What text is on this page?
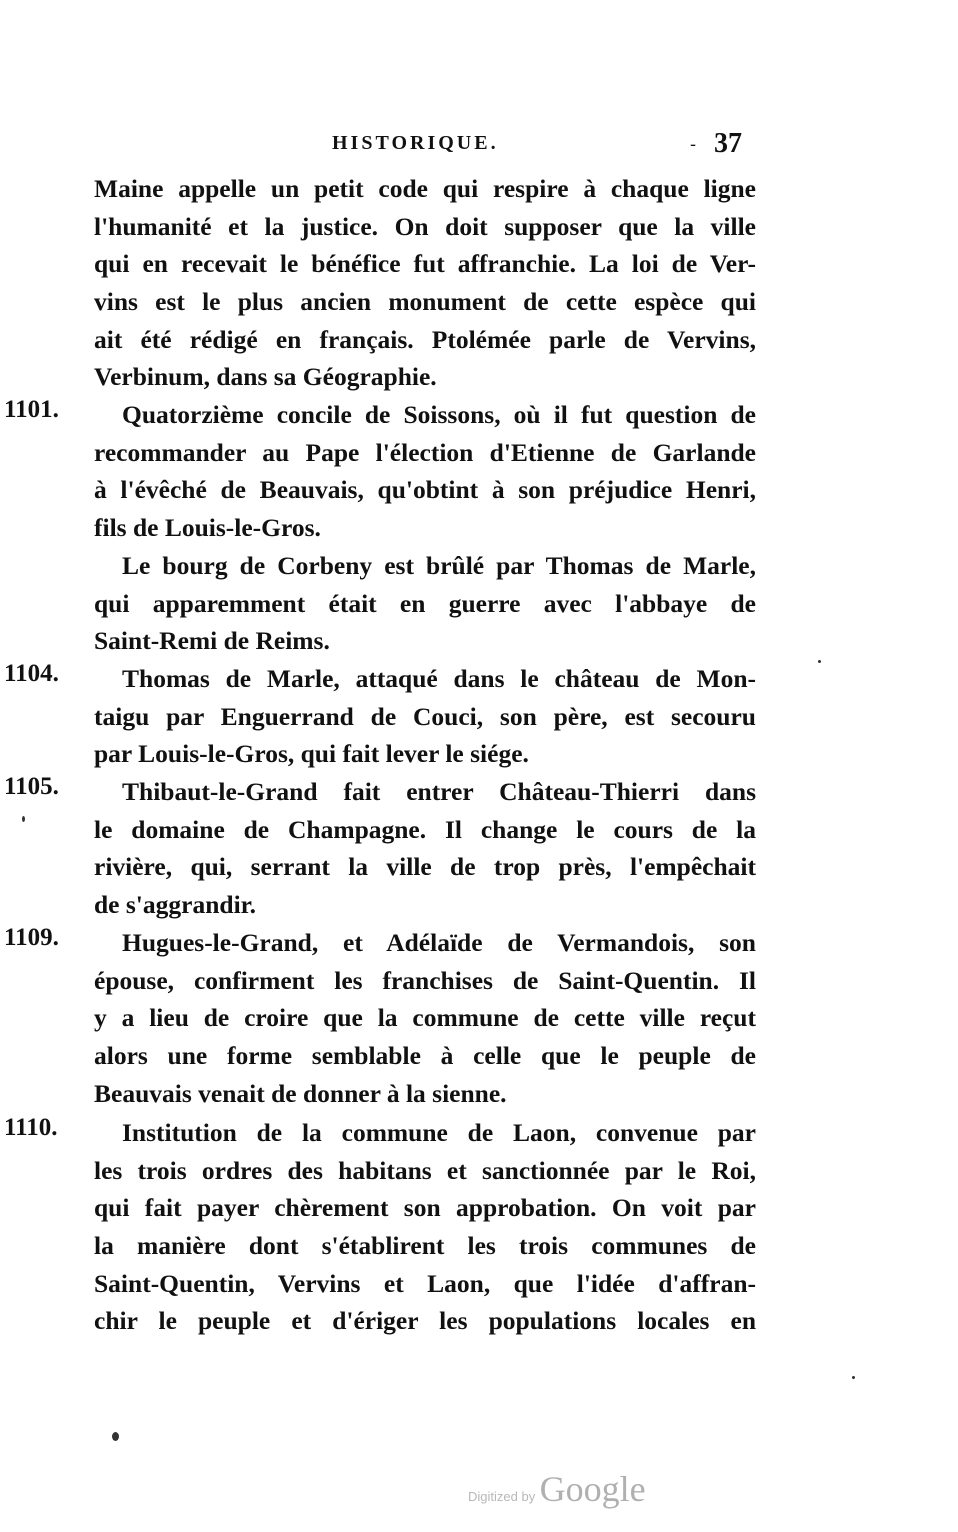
HISTORIQUE.	- 37
Maine appelle un petit code qui respire à chaque ligne
l'humanité et la justice. On doit supposer que la ville
qui en recevait le bénéfice fut affranchie. La loi de Ver-
vins est le plus ancien monument de cette espèce qui
ait été rédigé en français. Ptolémée parle de Vervins,
Verbinum, dans sa Géographie.
1101.	Quatorzième concile de Soissons, où il fut question de
recommander au Pape l'élection d'Etienne de Garlande
à l'évêché de Beauvais, qu'obtint à son préjudice Henri,
fils de Louis-le-Gros.
Le bourg de Corbeny est brûlé par Thomas de Marle,
qui apparemment était en guerre avec l'abbaye de
Saint-Remi de Reims.
1104.	Thomas de Marle, attaqué dans le château de Mon-
taigu par Enguerrand de Couci, son père, est secouru
par Louis-le-Gros, qui fait lever le siége.
1105.	Thibaut-le-Grand fait entrer Château-Thierri dans
le domaine de Champagne. Il change le cours de la
rivière, qui, serrant la ville de trop près, l'empêchait
de s'aggrandir.
1109.	Hugues-le-Grand, et Adélaïde de Vermandois, son
épouse, confirment les franchises de Saint-Quentin. Il
y a lieu de croire que la commune de cette ville reçut
alors une forme semblable à celle que le peuple de
Beauvais venait de donner à la sienne.
1110.	Institution de la commune de Laon, convenue par
les trois ordres des habitans et sanctionnée par le Roi,
qui fait payer chèrement son approbation. On voit par
la manière dont s'établirent les trois communes de
Saint-Quentin, Vervins et Laon, que l'idée d'affran-
chir le peuple et d'ériger les populations locales en
Digitized by Google
